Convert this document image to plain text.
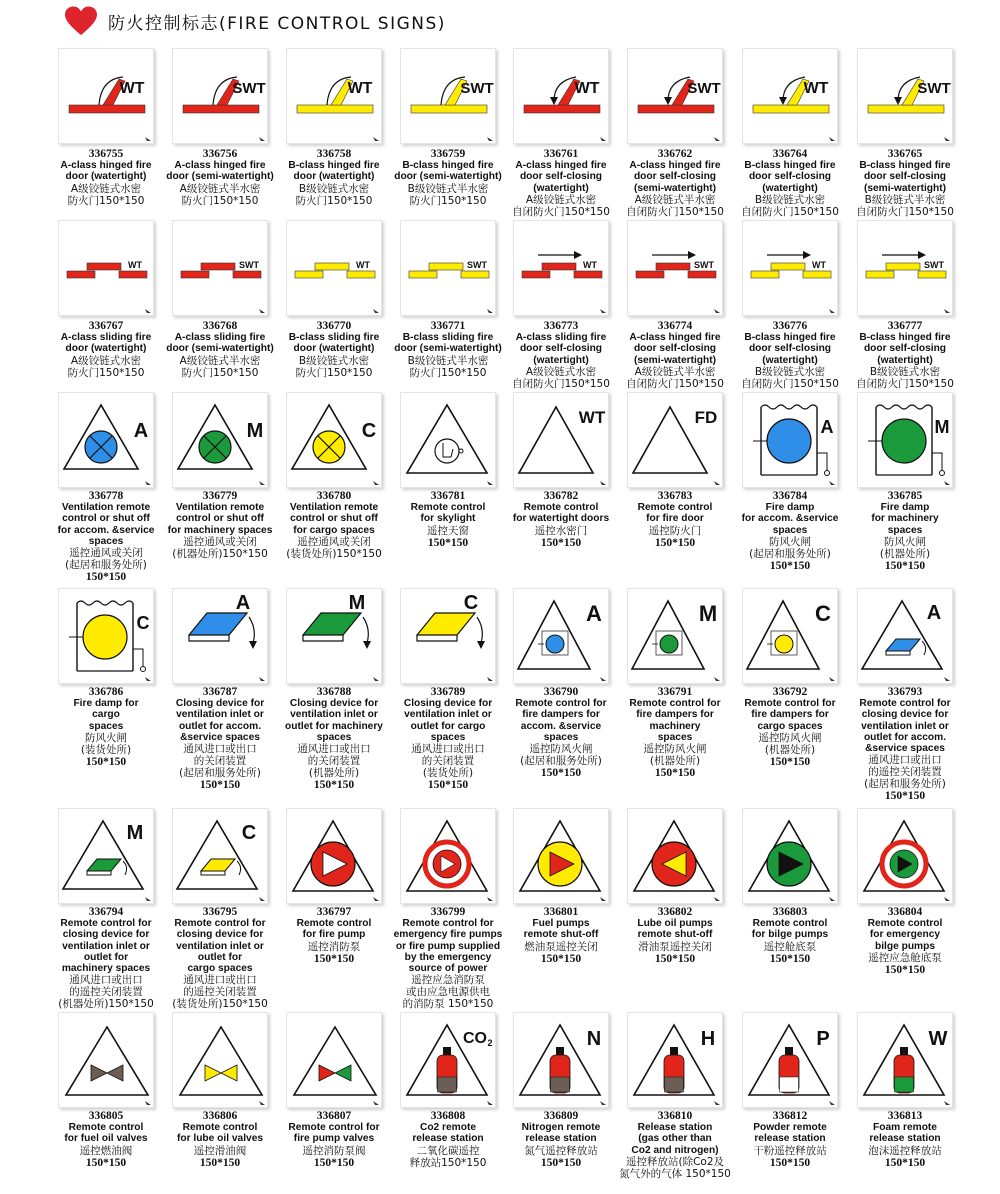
防火控制标志(FIRE CONTROL SIGNS)
WT
336755
A-class hinged fire
door (watertight)
A级铰链式水密
防火门150*150
SWT
336756
A-class hinged fire
door (semi-watertight)
A级铰链式半水密
防火门150*150
WT
336758
B-class hinged fire
door (watertight)
B级铰链式水密
防火门150*150
SWT
336759
B-class hinged fire
door (semi-watertight)
B级铰链式半水密
防火门150*150
WT
336761
A-class hinged fire
door self-closing
(watertight)
A级铰链式水密
自闭防火门150*150
SWT
336762
A-class hinged fire
door self-closing
(semi-watertight)
A级铰链式半水密
自闭防火门150*150
WT
336764
B-class hinged fire
door self-closing
(watertight)
B级铰链式水密
自闭防火门150*150
SWT
336765
B-class hinged fire
door self-closing
(semi-watertight)
B级铰链式半水密
自闭防火门150*150
WT
336767
A-class sliding fire
door (watertight)
A级铰链式水密
防火门150*150
SWT
336768
A-class sliding fire
door (semi-watertight)
A级铰链式半水密
防火门150*150
WT
336770
B-class sliding fire
door (watertight)
B级铰链式水密
防火门150*150
SWT
336771
B-class sliding fire
door (semi-watertight)
B级铰链式半水密
防火门150*150
WT
336773
A-class sliding fire
door self-closing
(watertight)
A级铰链式水密
自闭防火门150*150
SWT
336774
A-class hinged fire
door self-closing
(semi-watertight)
A级铰链式半水密
自闭防火门150*150
WT
336776
B-class hinged fire
door self-closing
(watertight)
B级铰链式水密
自闭防火门150*150
SWT
336777
B-class hinged fire
door self-closing
(watertight)
B级铰链式水密
自闭防火门150*150
A
336778
Ventilation remote
control or shut off
for accom. &service
spaces
遥控通风或关闭
(起居和服务处所)
150*150
M
336779
Ventilation remote
control or shut off
for machinery spaces
遥控通风或关闭
(机器处所)150*150
C
336780
Ventilation remote
control or shut off
for cargo spaces
遥控通风或关闭
(装货处所)150*150
336781
Remote control
for skylight
遥控天窗
150*150
WT
336782
Remote control
for watertight doors
遥控水密门
150*150
FD
336783
Remote control
for fire door
遥控防火门
150*150
A
336784
Fire damp
for accom. &service
spaces
防风火闸
(起居和服务处所)
150*150
M
336785
Fire damp
for machinery
spaces
防风火闸
(机器处所)
150*150
C
336786
Fire damp for
cargo
spaces
防风火闸
(装货处所)
150*150
A
336787
Closing device for
ventilation inlet or
outlet for accom.
&service spaces
通风进口或出口
的关闭装置
(起居和服务处所)
150*150
M
336788
Closing device for
ventilation inlet or
outlet for machinery
spaces
通风进口或出口
的关闭装置
(机器处所)
150*150
C
336789
Closing device for
ventilation inlet or
outlet for cargo
spaces
通风进口或出口
的关闭装置
(装货处所)
150*150
A
336790
Remote control for
fire dampers for
accom. &service
spaces
遥控防风火闸
(起居和服务处所)
150*150
M
336791
Remote control for
fire dampers for
machinery
spaces
遥控防风火闸
(机器处所)
150*150
C
336792
Remote control for
fire dampers for
cargo spaces
遥控防风火闸
(机器处所)
150*150
A
336793
Remote control for
closing device for
ventilation inlet or
outlet for accom.
&service spaces
通风进口或出口
的遥控关闭装置
(起居和服务处所)
150*150
M
336794
Remote control for
closing device for
ventilation inlet or
outlet for
machinery spaces
通风进口或出口
的遥控关闭装置
(机器处所)150*150
C
336795
Remote control for
closing device for
ventilation inlet or
outlet for
cargo spaces
通风进口或出口
的遥控关闭装置
(装货处所)150*150
336797
Remote control
for fire pump
遥控消防泵
150*150
336799
Remote control for
emergency fire pumps
or fire pump supplied
by the emergency
source of power
遥控应急消防泵
或由应急电源供电
的消防泵 150*150
336801
Fuel pumps
remote shut-off
燃油泵遥控关闭
150*150
336802
Lube oil pumps
remote shut-off
滑油泵遥控关闭
150*150
336803
Remote control
for bilge pumps
遥控舱底泵
150*150
336804
Remote control
for emergency
bilge pumps
遥控应急舱底泵
150*150
336805
Remote control
for fuel oil valves
遥控燃油阀
150*150
336806
Remote control
for lube oil valves
遥控滑油阀
150*150
336807
Remote control for
fire pump valves
遥控消防泵阀
150*150
CO 2
336808
Co2 remote
release station
二氧化碳遥控
释放站150*150
N
336809
Nitrogen remote
release station
氮气遥控释放站
150*150
H
336810
Release station
(gas other than
Co2 and nitrogen)
遥控释放站(除Co2及
氮气外的气体 150*150
P
336812
Powder remote
release station
干粉遥控释放站
150*150
W
336813
Foam remote
release station
泡沫遥控释放站
150*150
